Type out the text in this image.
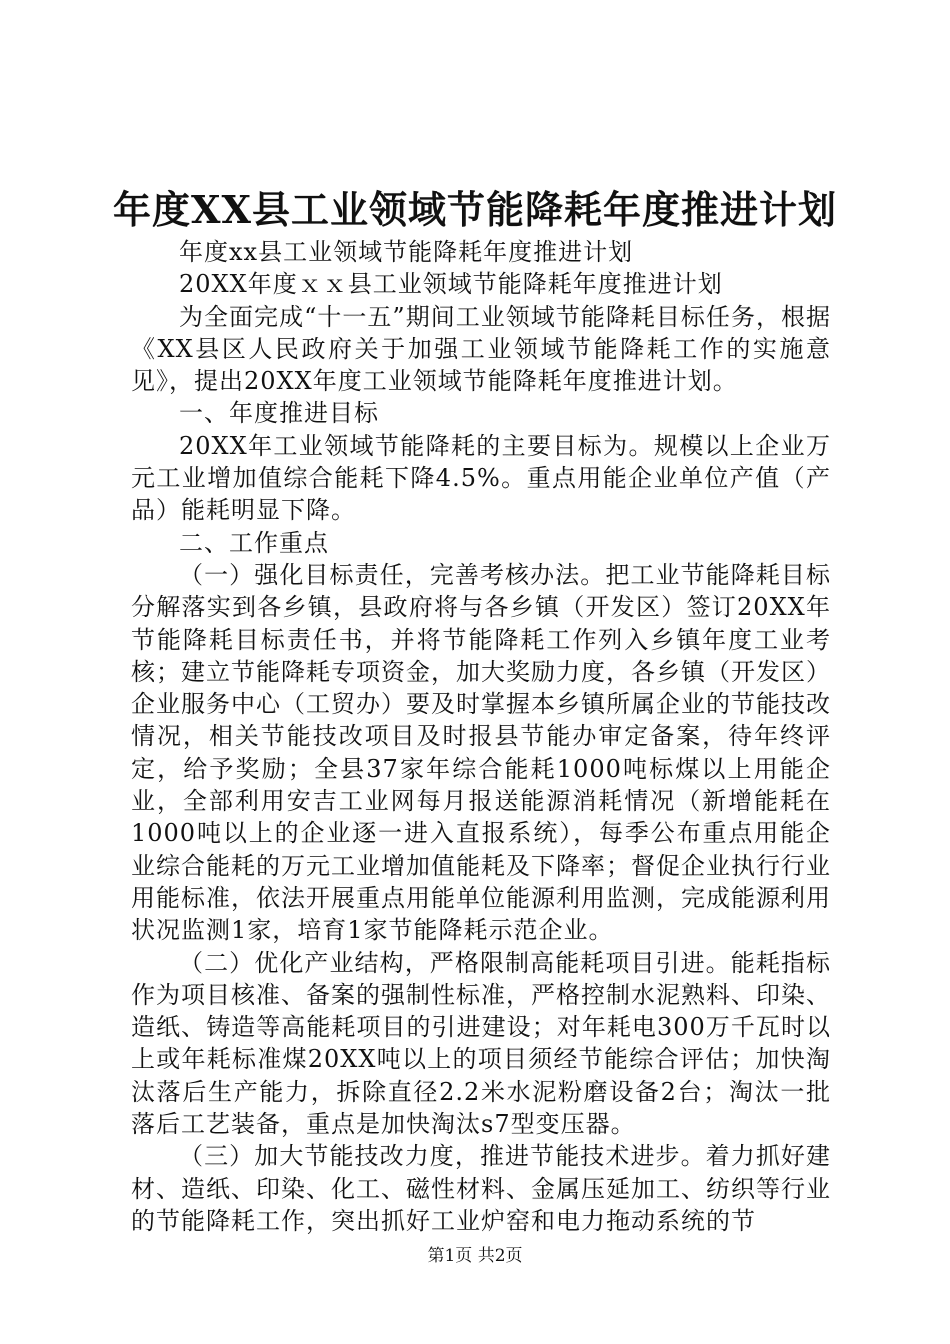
年度XX县工业领域节能降耗年度推进计划

年度xx县工业领域节能降耗年度推进计划

20XX年度ｘｘ县工业领域节能降耗年度推进计划

为全面完成“十一五”期间工业领域节能降耗目标任务，根据《XX县区人民政府关于加强工业领域节能降耗工作的实施意见》，提出20XX年度工业领域节能降耗年度推进计划。

一、年度推进目标

20XX年工业领域节能降耗的主要目标为。规模以上企业万元工业增加值综合能耗下降4.5%。重点用能企业单位产值（产品）能耗明显下降。

二、工作重点

（一）强化目标责任，完善考核办法。把工业节能降耗目标分解落实到各乡镇，县政府将与各乡镇（开发区）签订20XX年节能降耗目标责任书，并将节能降耗工作列入乡镇年度工业考核；建立节能降耗专项资金，加大奖励力度，各乡镇（开发区）企业服务中心（工贸办）要及时掌握本乡镇所属企业的节能技改情况，相关节能技改项目及时报县节能办审定备案，待年终评定，给予奖励；全县37家年综合能耗1000吨标煤以上用能企业，全部利用安吉工业网每月报送能源消耗情况（新增能耗在1000吨以上的企业逐一进入直报系统），每季公布重点用能企业综合能耗的万元工业增加值能耗及下降率；督促企业执行行业用能标准，依法开展重点用能单位能源利用监测，完成能源利用状况监测1家，培育1家节能降耗示范企业。

（二）优化产业结构，严格限制高能耗项目引进。能耗指标作为项目核准、备案的强制性标准，严格控制水泥熟料、印染、造纸、铸造等高能耗项目的引进建设；对年耗电300万千瓦时以上或年耗标准煤20XX吨以上的项目须经节能综合评估；加快淘汰落后生产能力，拆除直径2.2米水泥粉磨设备2台；淘汰一批落后工艺装备，重点是加快淘汰s7型变压器。

（三）加大节能技改力度，推进节能技术进步。着力抓好建材、造纸、印染、化工、磁性材料、金属压延加工、纺织等行业的节能降耗工作，突出抓好工业炉窑和电力拖动系统的节

第1页 共2页
